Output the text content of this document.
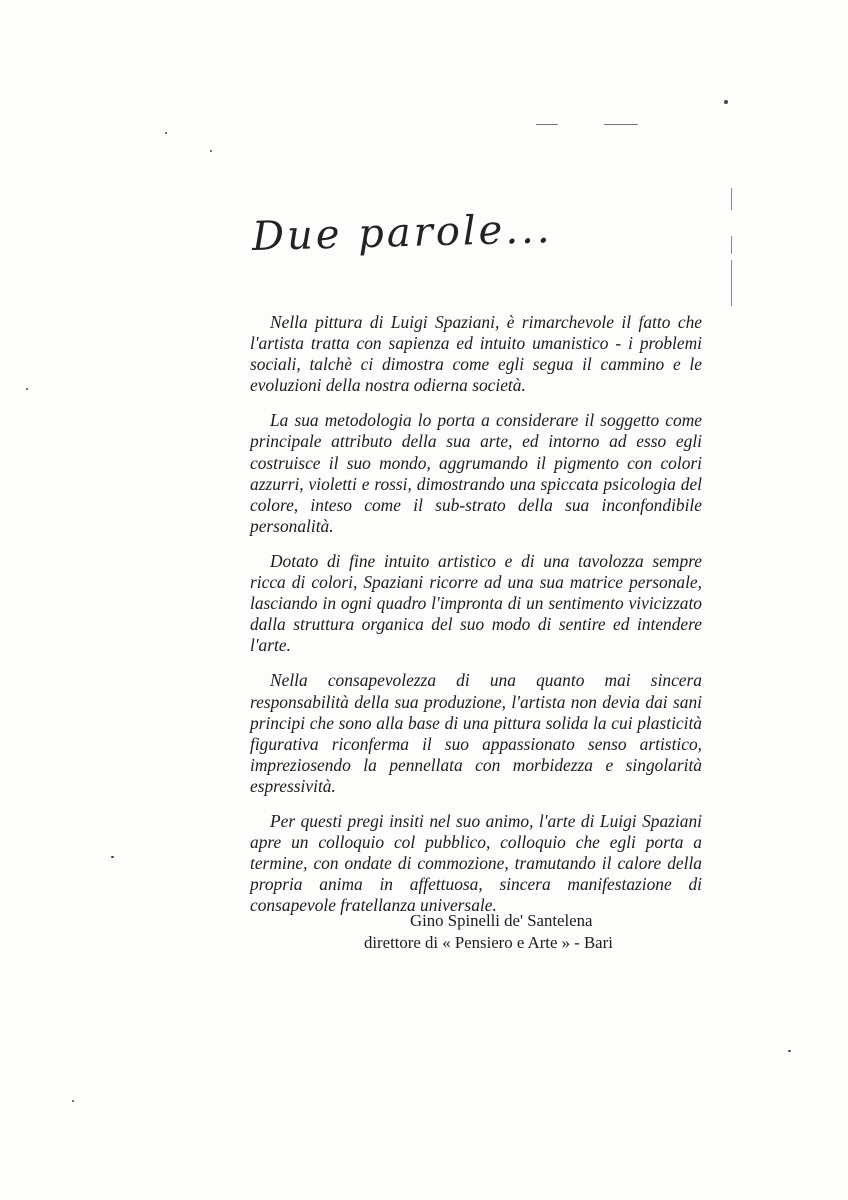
Due parole...

Nella pittura di Luigi Spaziani, è rimarchevole il fatto che l'artista tratta con sapienza ed intuito umanistico - i problemi sociali, talchè ci dimostra come egli segua il cammino e le evoluzioni della nostra odierna società.

La sua metodologia lo porta a considerare il soggetto come principale attributo della sua arte, ed intorno ad esso egli costruisce il suo mondo, aggrumando il pigmento con colori azzurri, violetti e rossi, dimostrando una spiccata psicologia del colore, inteso come il sub-strato della sua inconfondibile personalità.

Dotato di fine intuito artistico e di una tavolozza sempre ricca di colori, Spaziani ricorre ad una sua matrice personale, lasciando in ogni quadro l'impronta di un sentimento vivicizzato dalla struttura organica del suo modo di sentire ed intendere l'arte.

Nella consapevolezza di una quanto mai sincera responsabilità della sua produzione, l'artista non devia dai sani principi che sono alla base di una pittura solida la cui plasticità figurativa riconferma il suo appassionato senso artistico, impreziosendo la pennellata con morbidezza e singolarità espressività.

Per questi pregi insiti nel suo animo, l'arte di Luigi Spaziani apre un colloquio col pubblico, colloquio che egli porta a termine, con ondate di commozione, tramutando il calore della propria anima in affettuosa, sincera manifestazione di consapevole fratellanza universale.

Gino Spinelli de' Santelena
direttore di « Pensiero e Arte » - Bari
